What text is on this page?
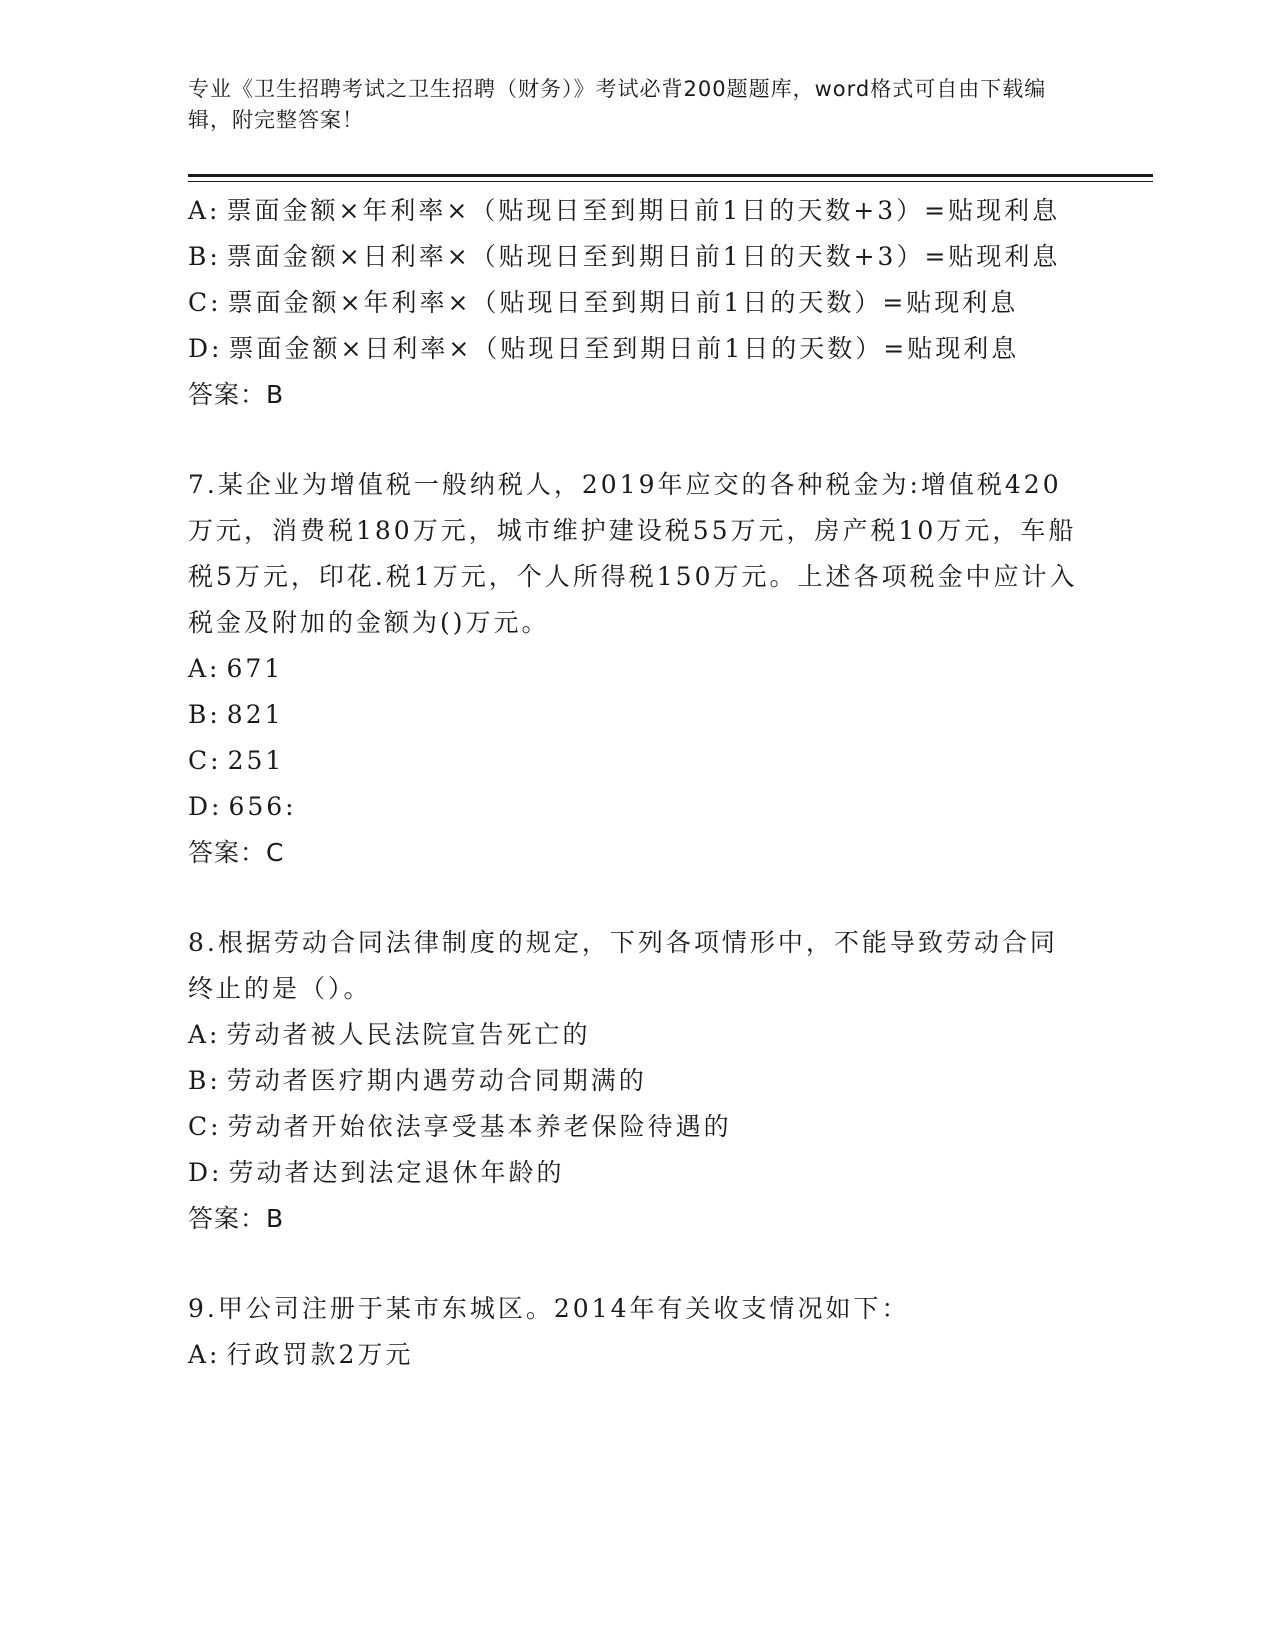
专业《卫生招聘考试之卫生招聘（财务）》考试必背200题题库，word格式可自由下载编辑，附完整答案！
A: 票面金额×年利率×（贴现日至到期日前1日的天数+3）=贴现利息
B: 票面金额×日利率×（贴现日至到期日前1日的天数+3）=贴现利息
C: 票面金额×年利率×（贴现日至到期日前1日的天数）=贴现利息
D: 票面金额×日利率×（贴现日至到期日前1日的天数）=贴现利息
答案：B
7.某企业为增值税一般纳税人，2019年应交的各种税金为:增值税420万元，消费税180万元，城市维护建设税55万元，房产税10万元，车船税5万元，印花.税1万元，个人所得税150万元。上述各项税金中应计入税金及附加的金额为()万元。
A: 671
B: 821
C: 251
D: 656:
答案：C
8.根据劳动合同法律制度的规定，下列各项情形中，不能导致劳动合同终止的是（）。
A: 劳动者被人民法院宣告死亡的
B: 劳动者医疗期内遇劳动合同期满的
C: 劳动者开始依法享受基本养老保险待遇的
D: 劳动者达到法定退休年龄的
答案：B
9.甲公司注册于某市东城区。2014年有关收支情况如下：
A: 行政罚款2万元
